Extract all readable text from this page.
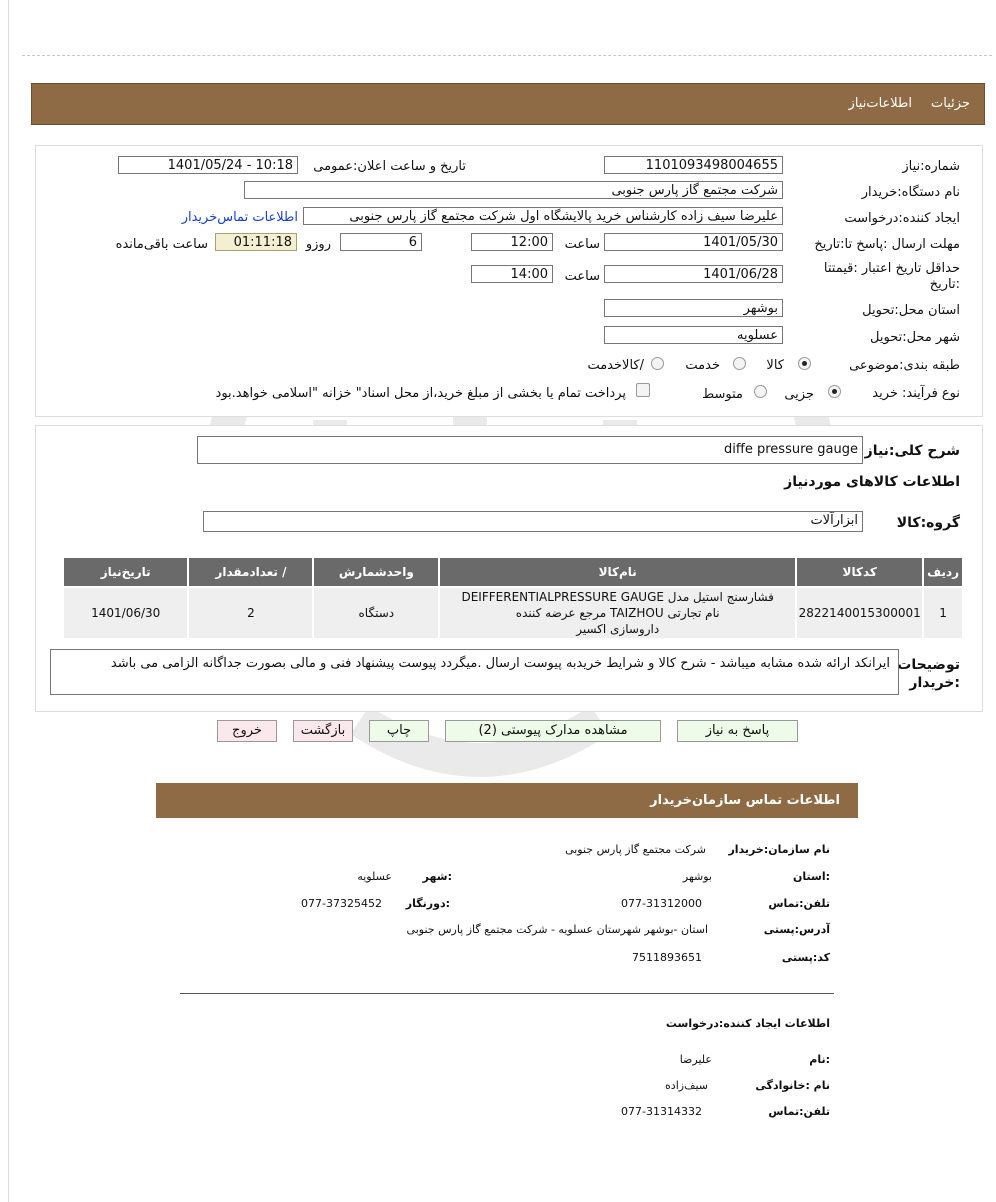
جزئيات
اطلاعات‌نیاز
شماره:نیاز
1101093498004655
تاریخ و ساعت اعلان:عمومی
1401/05/24 - 10:18
نام دستگاه:خریدار
شرکت مجتمع گاز پارس جنوبی
ایجاد کننده:درخواست
علیرضا سیف زاده کارشناس خرید پالایشگاه اول شرکت مجتمع گاز پارس جنوبی
اطلاعات تماس‌خریدار
مهلت ارسال :پاسخ تا:تاریخ
1401/05/30
ساعت
12:00
6
روزو
01:11:18
ساعت باقی‌مانده
حداقل تاریخ اعتبار :قیمتتا
:تاریخ
1401/06/28
ساعت
14:00
استان محل:تحویل
بوشهر
شهر محل:تحویل
عسلویه
طبقه بندی:موضوعی
کالا
خدمت
/کالاخدمت
نوع فرآیند: خرید
جزیی
متوسط
پرداخت تمام یا بخشی از مبلغ خرید،از محل اسناد" خزانه "اسلامی خواهد.بود
شرح کلی:نیاز
diffe pressure gauge
اطلاعات کالاهای موردنیاز
گروه:کالا
ابزارآلات
ردیف	کدکالا	نام‌کالا	واحدشمارش	/ تعدادمقدار	تاریخ‌نیاز
1	2822140015300001	فشارسنج استیل مدل DEIFFERENTIALPRESSURE GAUGE
نام تجارتی TAIZHOU مرجع عرضه کننده
داروسازی اکسیر	دستگاه	2	1401/06/30
توضیحات :خریدار
ایرانکد ارائه شده مشابه میباشد - شرح کالا و شرایط خریدبه پیوست ارسال .میگردد پیوست پیشنهاد فنی و مالی بصورت جداگانه الزامی می باشد
پاسخ به نیاز
مشاهده مدارک پیوستی (2)
چاپ
بازگشت
خروج
اطلاعات تماس سازمان‌خریدار
نام سازمان:خریدار
شرکت مجتمع گاز پارس جنوبی
:استان
بوشهر
:شهر
عسلویه
تلفن:تماس
077-31312000
:دورنگار
077-37325452
آدرس:پستی
استان -بوشهر شهرستان عسلویه - شرکت مجتمع گاز پارس جنوبی
کد:پستی
7511893651
اطلاعات ایجاد کننده:درخواست
:نام
علیرضا
نام :خانوادگی
سیف‌زاده
تلفن:تماس
077-31314332
